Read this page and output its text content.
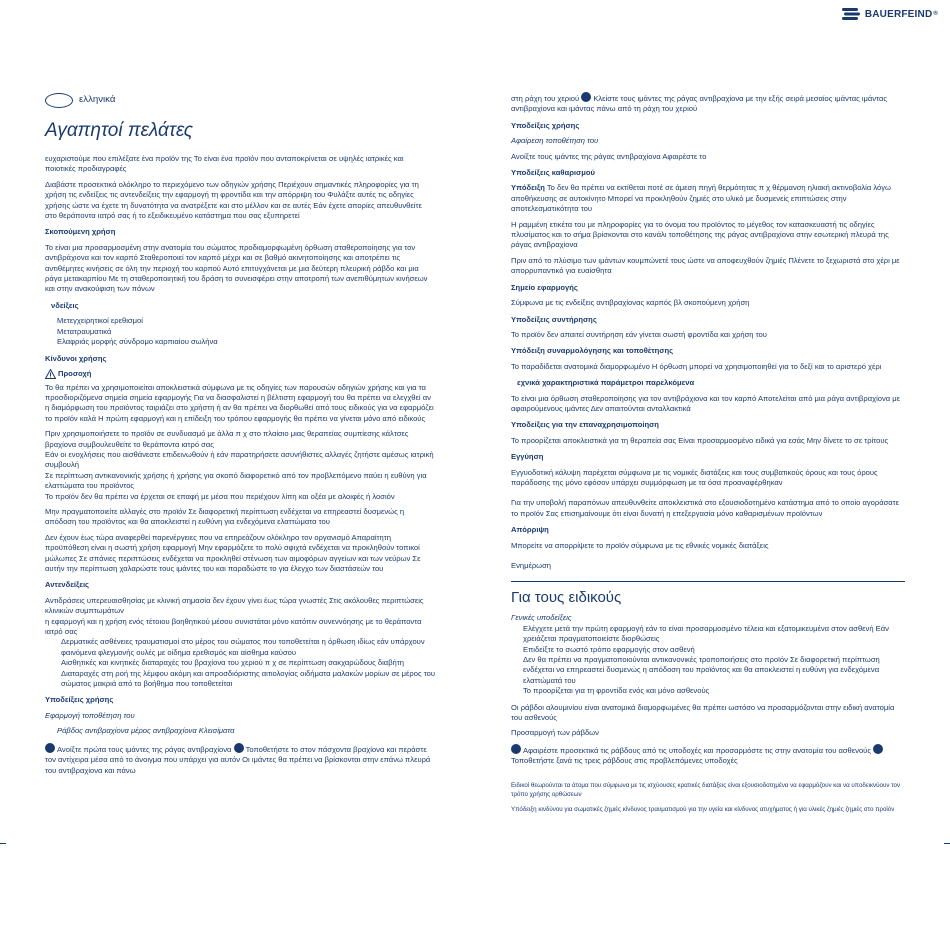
BAUERFEIND ®
ελληνικά
Αγαπητοί πελάτες

ευχαριστούμε που επιλέξατε ένα προϊόν της Το είναι ένα προϊόν που ανταποκρίνεται σε υψηλές ιατρικές και ποιοτικές προδιαγραφές

Διαβάστε προσεκτικά ολόκληρο το περιεχόμενο των οδηγιών χρήσης Περιέχουν σημαντικές πληροφορίες για τη χρήση τις ενδείξεις τις αντενδείξεις την εφαρμογή τη φροντίδα και την απόρριψη του Φυλάξτε αυτές τις οδηγίες χρήσης ώστε να έχετε τη δυνατότητα να ανατρέξετε και στο μέλλον και σε αυτές Εάν έχετε απορίες απευθυνθείτε στο θεράποντα ιατρό σας ή το εξειδικευμένο κατάστημα που σας εξυπηρετεί

Σκοπούμενη χρήση

Το είναι μια προσαρμοσμένη στην ανατομία του σώματος προδιαμορφωμένη όρθωση σταθεροποίησης για τον αντιβράχιονα και τον καρπό Σταθεροποιεί τον καρπό μέχρι και σε βαθμό ακινητοποίησης και αποτρέπει τις αντιθέμητες κινήσεις σε όλη την περιοχή του καρπού Αυτό επιτυγχάνεται με μια δεύτερη πλευρική ράβδο και μια ράγα μετακαρπίου Με τη σταθεροποιητική του δράση το συνεισφέρει στην αποτροπή των ανεπιθύμητων κινήσεων και στην ανακούφιση των πόνων

νδείξεις
Μετεγχειρητικοί ερεθισμοί
Μετατραυματικά
Ελαφριάς μορφής σύνδρομο καρπιαίου σωλήνα
Κίνδυνοι χρήσης
Προσοχή

Το θα πρέπει να χρησιμοποιείται αποκλειστικά σύμφωνα με τις οδηγίες των παρουσών οδηγιών χρήσης και για τα προσδιοριζόμενα σημεία σημεία εφαρμογής Για να διασφαλιστεί η βέλτιστη εφαρμογή του θα πρέπει να ελεγχθεί αν η διαμόρφωση του προϊόντος ταιριάζει στο χρήστη ή αν θα πρέπει να διορθωθεί από τους ειδικούς για να εφαρμόζει το προϊόν καλά Η πρώτη εφαρμογή και η επίδειξη του τρόπου εφαρμογής θα πρέπει να γίνεται μόνο από ειδικούς

Πριν χρησιμοποιήσετε το προϊόν σε συνδυασμό με άλλα π χ στο πλαίσιο μιας θεραπείας συμπίεσης κάλτσες βραχίονα συμβουλευθείτε το θεράποντα ιατρό σας

Εάν οι ενοχλήσεις που αισθάνεστε επιδεινωθούν ή εάν παρατηρήσετε ασυνήθιστες αλλαγές ζητήστε αμέσως ιατρική συμβουλή

Σε περίπτωση αντικανονικής χρήσης ή χρήσης για σκοπό διαφορετικό από τον προβλεπόμενο παύει η ευθύνη για ελαττώματα του προϊόντος

Το προϊόν δεν θα πρέπει να έρχεται σε επαφή με μέσα που περιέχουν λίπη και οξέα με αλοιφές ή λοσιόν

Μην πραγματοποιείτε αλλαγές στο προϊόν Σε διαφορετική περίπτωση ενδέχεται να επηρεαστεί δυσμενώς η απόδοση του προϊόντος και θα αποκλειστεί η ευθύνη για ενδεχόμενα ελαττώματα του

Δεν έχουν έως τώρα αναφερθεί παρενέργειες που να επηρεάζουν ολόκληρο τον οργανισμό Απαραίτητη προϋπόθεση είναι η σωστή χρήση εφαρμογή Μην εφαρμόζετε το πολύ σφιχτά ενδέχεται να προκληθούν τοπικοί μώλωπες Σε σπάνιες περιπτώσεις ενδέχεται να προκληθεί στένωση των αιμοφόρων αγγείων και των νεύρων Σε αυτήν την περίπτωση χαλαρώστε τους ιμάντες του και παραδώστε το για έλεγχο των διαστάσεών του

Αντενδείξεις

Αντιδράσεις υπερευαισθησίας με κλινική σημασία δεν έχουν γίνει έως τώρα γνωστές Στις ακόλουθες περιπτώσεις κλινικών συμπτωμάτων

η εφαρμογή και η χρήση ενός τέτοιου βοηθητικού μέσου συνιστάται μόνο κατόπιν συνεννόησης με το θεράποντα ιατρό σας

Δερματικές ασθένειες τραυματισμοί στο μέρος του σώματος που τοποθετείται η όρθωση ιδίως εάν υπάρχουν φαινόμενα φλεγμονής ουλές με οίδημα ερεθισμός και αίσθημα καύσου
Αισθητικές και κινητικές διαταραχές του βραχίονα του χεριού π χ σε περίπτωση σακχαρώδους διαβήτη
Διαταραχές στη ροή της λέμφου ακόμη και απροσδιόριστης αιτιολογίας οιδήματα μαλακών μορίων σε μέρος του σώματος μακριά από το βοήθημα που τοποθετείται
Υποδείξεις χρήσης

Εφαρμογή τοποθέτηση του

Ράβδος αντιβραχίονα μέρος αντιβραχίονα Κλεισίματα

Ανοίξτε πρώτα τους ιμάντες της ράγας αντιβραχίονα Τοποθετήστε το στον πάσχοντα βραχίονα και περάστε τον αντίχειρα μέσα από το άνοιγμα που υπάρχει για αυτόν Οι ιμάντες θα πρέπει να βρίσκονται στην επάνω πλευρά του αντιβραχίονα και πάνω

στη ράχη του χεριού Κλείστε τους ιμάντες της ράγας αντιβραχίονα με την εξής σειρά μεσαίος ιμάντας ιμάντας αντιβραχίονα και ιμάντας πάνω από τη ράχη του χεριού

Υποδείξεις χρήσης

Αφαίρεση τοποθέτηση του

Ανοίξτε τους ιμάντες της ράγας αντιβραχίονα Αφαιρέστε το

Υποδείξεις καθαρισμού

Υπόδειξη Το δεν θα πρέπει να εκτίθεται ποτέ σε άμεση πηγή θερμότητας π χ θέρμανση ηλιακή ακτινοβολία λόγω αποθήκευσης σε αυτοκίνητο Μπορεί να προκληθούν ζημιές στο υλικό με δυσμενείς επιπτώσεις στην αποτελεσματικότητα του

Η ραμμένη ετικέτα του με πληροφορίες για το όνομα του προϊόντος το μέγεθος τον κατασκευαστή τις οδηγίες πλυσίματος και το σήμα βρίσκονται στο κανάλι τοποθέτησης της ράγας αντιβραχίονα στην εσωτερική πλευρά της ράγας αντιβραχίονα

Πριν από το πλύσιμο των ιμάντων κουμπώνετέ τους ώστε να αποφευχθούν ζημιές Πλένετε το ξεχωριστά στο χέρι με απορρυπαντικό για ευαίσθητα

Σημείο εφαρμογής

Σύμφωνα με τις ενδείξεις αντιβραχίονας καρπός βλ σκοπούμενη χρήση

Υποδείξεις συντήρησης

Το προϊόν δεν απαιτεί συντήρηση εάν γίνεται σωστή φροντίδα και χρήση του

Υπόδειξη συναρμολόγησης και τοποθέτησης

Το παραδίδεται ανατομικά διαμορφωμένο Η όρθωση μπορεί να χρησιμοποιηθεί για το δεξί και το αριστερό χέρι

εχνικά χαρακτηριστικά παράμετροι παρελκόμενα

Το είναι μια όρθωση σταθεροποίησης για τον αντιβράχιονα και τον καρπό Αποτελείται από μια ράγα αντιβραχίονα με αφαιρούμενους ιμάντες Δεν απαιτούνται ανταλλακτικά

Υποδείξεις για την επαναχρησιμοποίηση

Το προορίζεται αποκλειστικά για τη θεραπεία σας Είναι προσαρμοσμένο ειδικά για εσάς Μην δίνετε το σε τρίτους

Εγγύηση

Εγγυοδοτική κάλυψη παρέχεται σύμφωνα με τις νομικές διατάξεις και τους συμβατικούς όρους και τους όρους παράδοσης της μόνο εφόσον υπάρχει συμμόρφωση με τα όσα προαναφέρθηκαν

Για την υποβολή παραπόνων απευθυνθείτε αποκλειστικά στο εξουσιοδοτημένο κατάστημα από το οποίο αγοράσατε το προϊόν Σας επισημαίνουμε ότι είναι δυνατή η επεξεργασία μόνο καθαρισμένων προϊόντων

Απόρριψη

Μπορείτε να απορρίψετε το προϊόν σύμφωνα με τις εθνικές νομικές διατάξεις

Ενημέρωση

Για τους ειδικούς

Γενικές υποδείξεις

Ελέγχετε μετά την πρώτη εφαρμογή εάν το είναι προσαρμοσμένο τέλεια και εξατομικευμένα στον ασθενή Εάν χρειάζεται πραγματοποιείστε διορθώσεις
Επιδείξτε το σωστό τρόπο εφαρμογής στον ασθενή
Δεν θα πρέπει να πραγματοποιούνται αντικανονικές τροποποιήσεις στο προϊόν Σε διαφορετική περίπτωση ενδέχεται να επηρεαστεί δυσμενώς η απόδοση του προϊόντος και θα αποκλειστεί η ευθύνη για ενδεχόμενα ελαττώματά του
Το προορίζεται για τη φροντίδα ενός και μόνο ασθενούς

Οι ράβδοι αλουμινίου είναι ανατομικά διαμορφωμένες θα πρέπει ωστόσο να προσαρμόζονται στην ειδική ανατομία του ασθενούς

Προσαρμογή των ράβδων

Αφαιρέστε προσεκτικά τις ράβδους από τις υποδοχές και προσαρμόστε τις στην ανατομία του ασθενούς Τοποθετήστε ξανά τις τρεις ράβδους στις προβλεπόμενες υποδοχές

Ειδικοί θεωρούνται τα άτομα που σύμφωνα με τις ισχύουσες κρατικές διατάξεις είναι εξουσιοδοτημένα να εφαρμόζουν και να υποδεικνύουν τον τρόπο χρήσης ορθώσεων

Υπόδειξη κινδύνου για σωματικές ζημιές κίνδυνος τραυματισμού για την υγεία και κίνδυνος ατυχήματος ή για υλικές ζημιές ζημιές στο προϊόν
